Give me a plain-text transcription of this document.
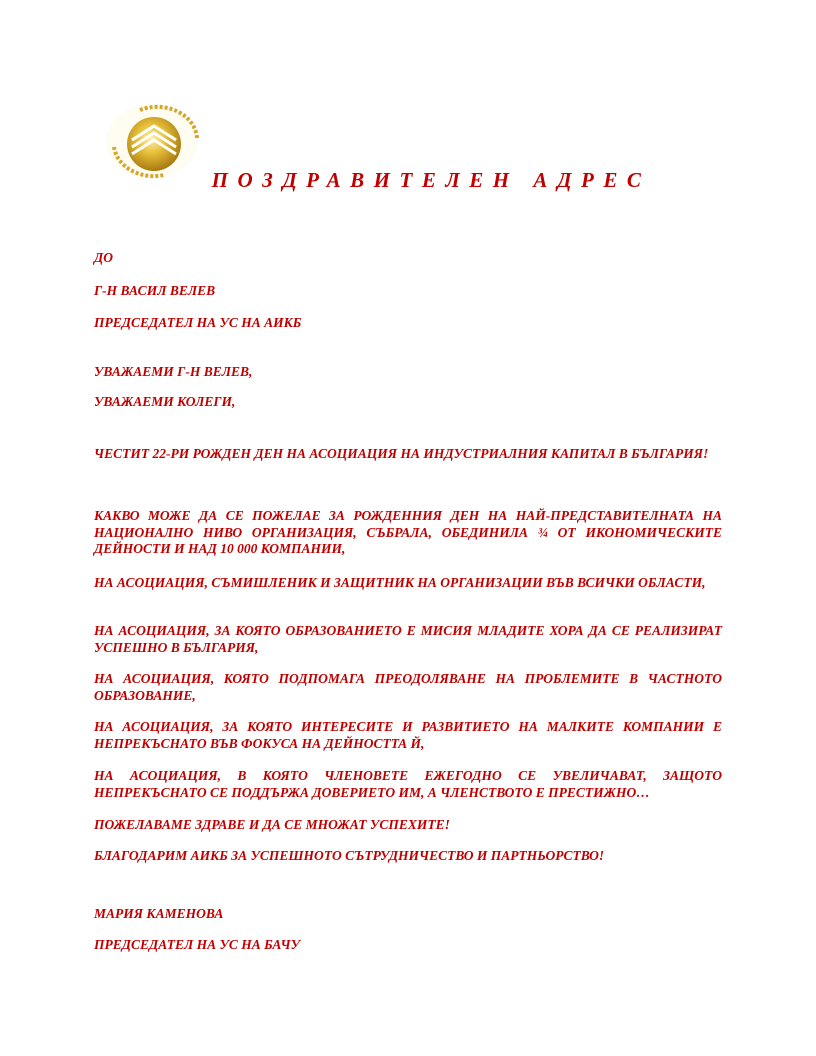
ПОЗДРАВИТЕЛЕН АДРЕС
ДО
Г-Н ВАСИЛ ВЕЛЕВ
ПРЕДСЕДАТЕЛ НА УС НА АИКБ
УВАЖАЕМИ Г-Н ВЕЛЕВ,
УВАЖАЕМИ КОЛЕГИ,
ЧЕСТИТ 22-РИ РОЖДЕН ДЕН НА АСОЦИАЦИЯ НА ИНДУСТРИАЛНИЯ КАПИТАЛ В БЪЛГАРИЯ!
КАКВО МОЖЕ ДА СЕ ПОЖЕЛАЕ ЗА РОЖДЕННИЯ ДЕН НА НАЙ-ПРЕДСТАВИТЕЛНАТА НА НАЦИОНАЛНО НИВО ОРГАНИЗАЦИЯ, СЪБРАЛА, ОБЕДИНИЛА ¾ ОТ ИКОНОМИЧЕСКИТЕ ДЕЙНОСТИ И НАД 10 000 КОМПАНИИ,
НА АСОЦИАЦИЯ, СЪМИШЛЕНИК И ЗАЩИТНИК НА ОРГАНИЗАЦИИ ВЪВ ВСИЧКИ ОБЛАСТИ,
НА АСОЦИАЦИЯ, ЗА КОЯТО ОБРАЗОВАНИЕТО Е МИСИЯ МЛАДИТЕ ХОРА ДА СЕ РЕАЛИЗИРАТ УСПЕШНО В БЪЛГАРИЯ,
НА АСОЦИАЦИЯ, КОЯТО ПОДПОМАГА ПРЕОДОЛЯВАНЕ НА ПРОБЛЕМИТЕ В ЧАСТНОТО ОБРАЗОВАНИЕ,
НА АСОЦИАЦИЯ, ЗА КОЯТО ИНТЕРЕСИТЕ И РАЗВИТИЕТО НА МАЛКИТЕ КОМПАНИИ Е НЕПРЕКЪСНАТО ВЪВ ФОКУСА НА ДЕЙНОСТТА Й,
НА АСОЦИАЦИЯ, В КОЯТО ЧЛЕНОВЕТЕ ЕЖЕГОДНО СЕ УВЕЛИЧАВАТ, ЗАЩОТО НЕПРЕКЪСНАТО СЕ ПОДДЪРЖА ДОВЕРИЕТО ИМ, А ЧЛЕНСТВОТО Е ПРЕСТИЖНО…
ПОЖЕЛАВАМЕ ЗДРАВЕ И ДА СЕ МНОЖАТ УСПЕХИТЕ!
БЛАГОДАРИМ АИКБ ЗА УСПЕШНОТО СЪТРУДНИЧЕСТВО И ПАРТНЬОРСТВО!
МАРИЯ КАМЕНОВА
ПРЕДСЕДАТЕЛ НА УС НА БАЧУ
